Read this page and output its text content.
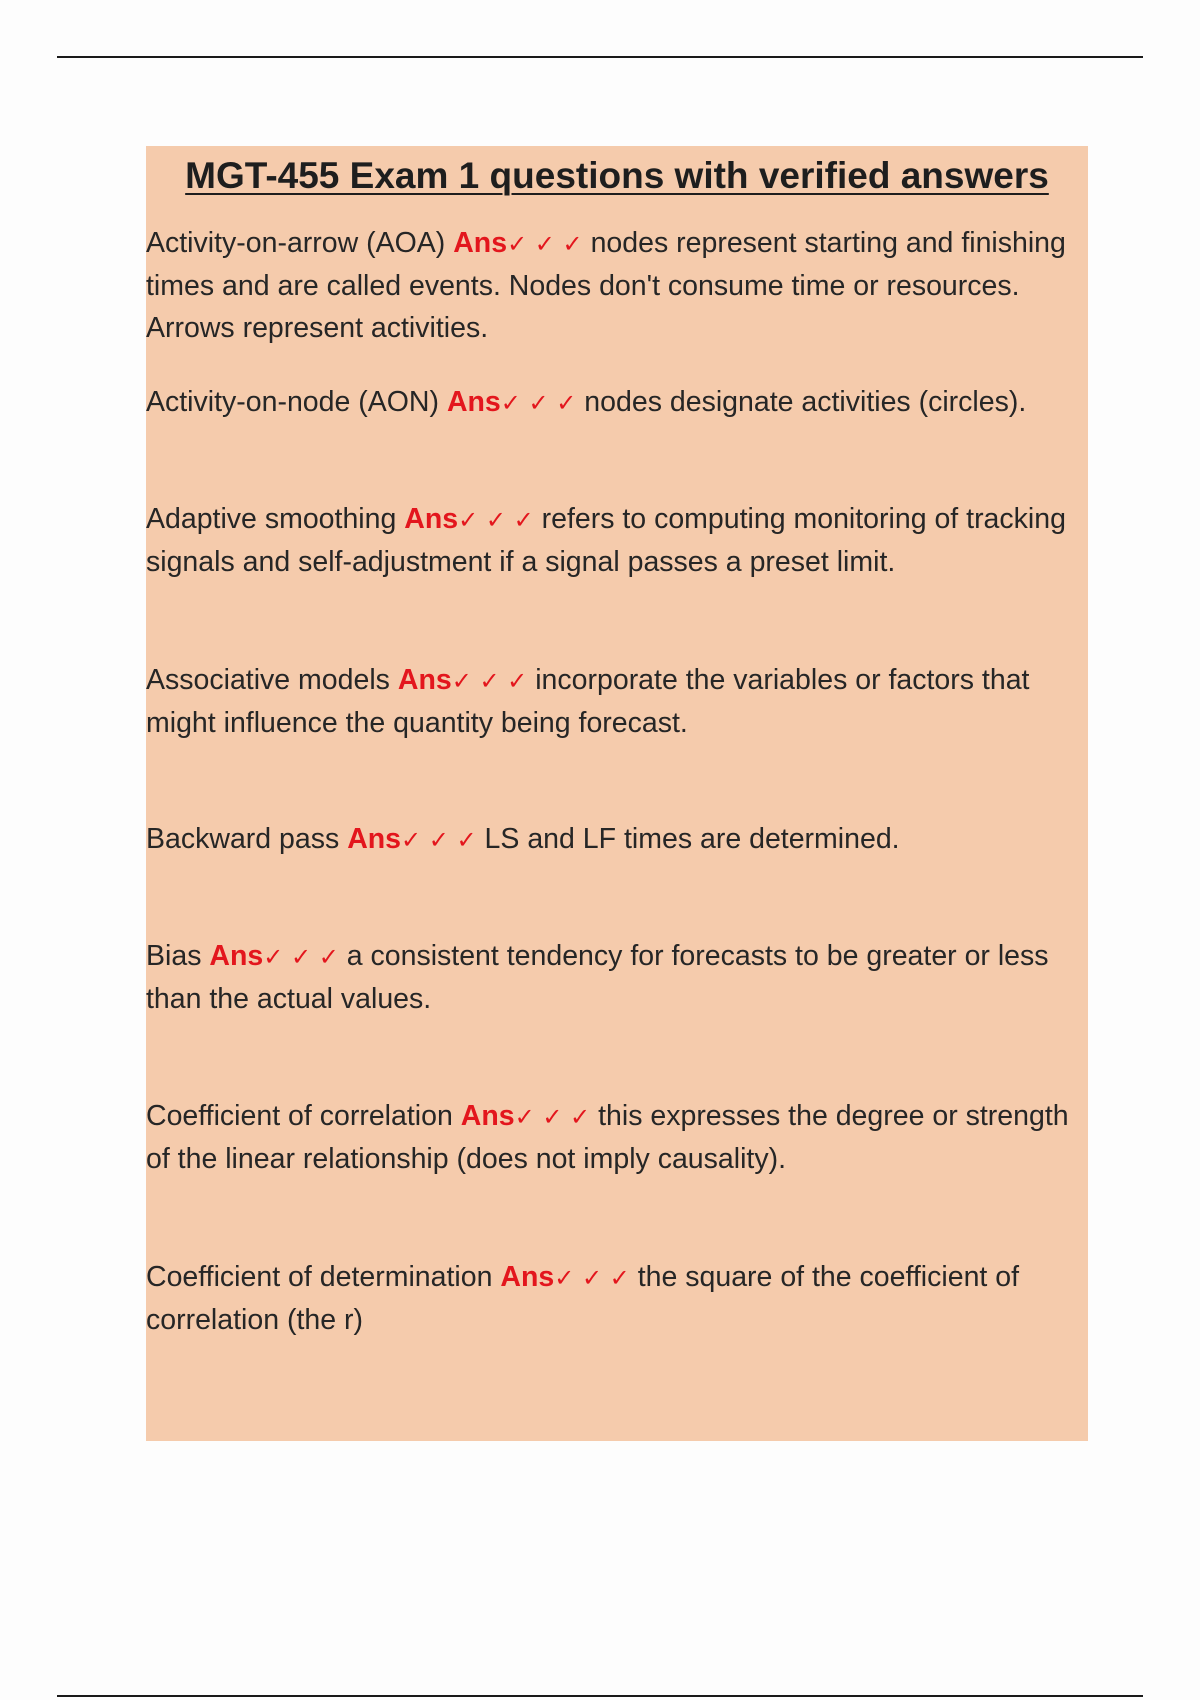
MGT-455 Exam 1 questions with verified answers

Activity-on-arrow (AOA) Ans✓ ✓ ✓ nodes represent starting and finishing times and are called events. Nodes don't consume time or resources. Arrows represent activities.

Activity-on-node (AON) Ans✓ ✓ ✓ nodes designate activities (circles).

Adaptive smoothing Ans✓ ✓ ✓ refers to computing monitoring of tracking signals and self-adjustment if a signal passes a preset limit.

Associative models Ans✓ ✓ ✓ incorporate the variables or factors that might influence the quantity being forecast.

Backward pass Ans✓ ✓ ✓ LS and LF times are determined.

Bias Ans✓ ✓ ✓ a consistent tendency for forecasts to be greater or less than the actual values.

Coefficient of correlation Ans✓ ✓ ✓ this expresses the degree or strength of the linear relationship (does not imply causality).

Coefficient of determination Ans✓ ✓ ✓ the square of the coefficient of correlation (the r)
